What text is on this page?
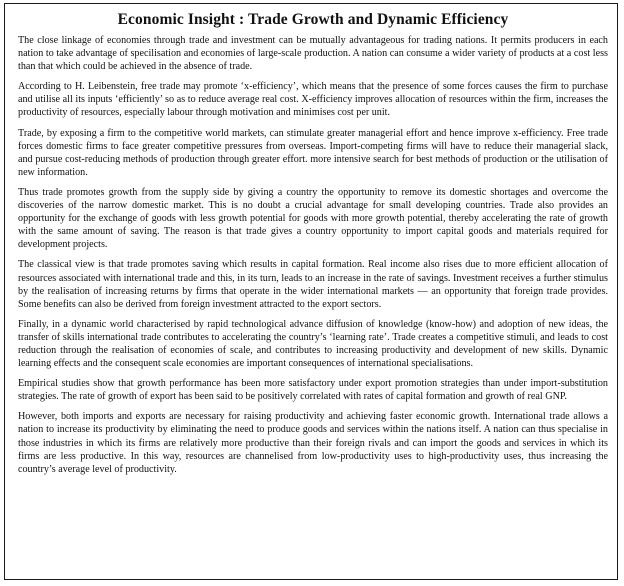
Economic Insight : Trade Growth and Dynamic Efficiency

The close linkage of economies through trade and investment can be mutually advantageous for trading nations. It permits producers in each nation to take advantage of specilisation and economies of large-scale production. A nation can consume a wider variety of products at a cost less than that which could be achieved in the absence of trade.

According to H. Leibenstein, free trade may promote ‘x-efficiency’, which means that the presence of some forces causes the firm to purchase and utilise all its inputs ‘efficiently’ so as to reduce average real cost. X-efficiency improves allocation of resources within the firm, increases the productivity of resources, especially labour through motivation and minimises cost per unit.

Trade, by exposing a firm to the competitive world markets, can stimulate greater managerial effort and hence improve x-efficiency. Free trade forces domestic firms to face greater competitive pressures from overseas. Import-competing firms will have to reduce their managerial slack, and pursue cost-reducing methods of production through greater effort. more intensive search for best methods of production or the utilisation of new information.

Thus trade promotes growth from the supply side by giving a country the opportunity to remove its domestic shortages and overcome the discoveries of the narrow domestic market. This is no doubt a crucial advantage for small developing countries. Trade also provides an opportunity for the exchange of goods with less growth potential for goods with more growth potential, thereby accelerating the rate of growth with the same amount of saving. The reason is that trade gives a country opportunity to import capital goods and materials required for development projects.

The classical view is that trade promotes saving which results in capital formation. Real income also rises due to more efficient allocation of resources associated with international trade and this, in its turn, leads to an increase in the rate of savings. Investment receives a further stimulus by the realisation of increasing returns by firms that operate in the wider international markets — an opportunity that foreign trade provides. Some benefits can also be derived from foreign investment attracted to the export sectors.

Finally, in a dynamic world characterised by rapid technological advance diffusion of knowledge (know-how) and adoption of new ideas, the transfer of skills international trade contributes to accelerating the country’s ‘learning rate’. Trade creates a competitive stimuli, and leads to cost reduction through the realisation of economies of scale, and contributes to increasing productivity and development of new skills. Dynamic learning effects and the consequent scale economies are important consequences of international specialisations.

Empirical studies show that growth performance has been more satisfactory under export promotion strategies than under import-substitution strategies. The rate of growth of export has been said to be positively correlated with rates of capital formation and growth of real GNP.

However, both imports and exports are necessary for raising productivity and achieving faster economic growth. International trade allows a nation to increase its productivity by eliminating the need to produce goods and services within the nations itself. A nation can thus specialise in those industries in which its firms are relatively more productive than their foreign rivals and can import the goods and services in which its firms are less productive. In this way, resources are channelised from low-productivity uses to high-productivity uses, thus increasing the country’s average level of productivity.
